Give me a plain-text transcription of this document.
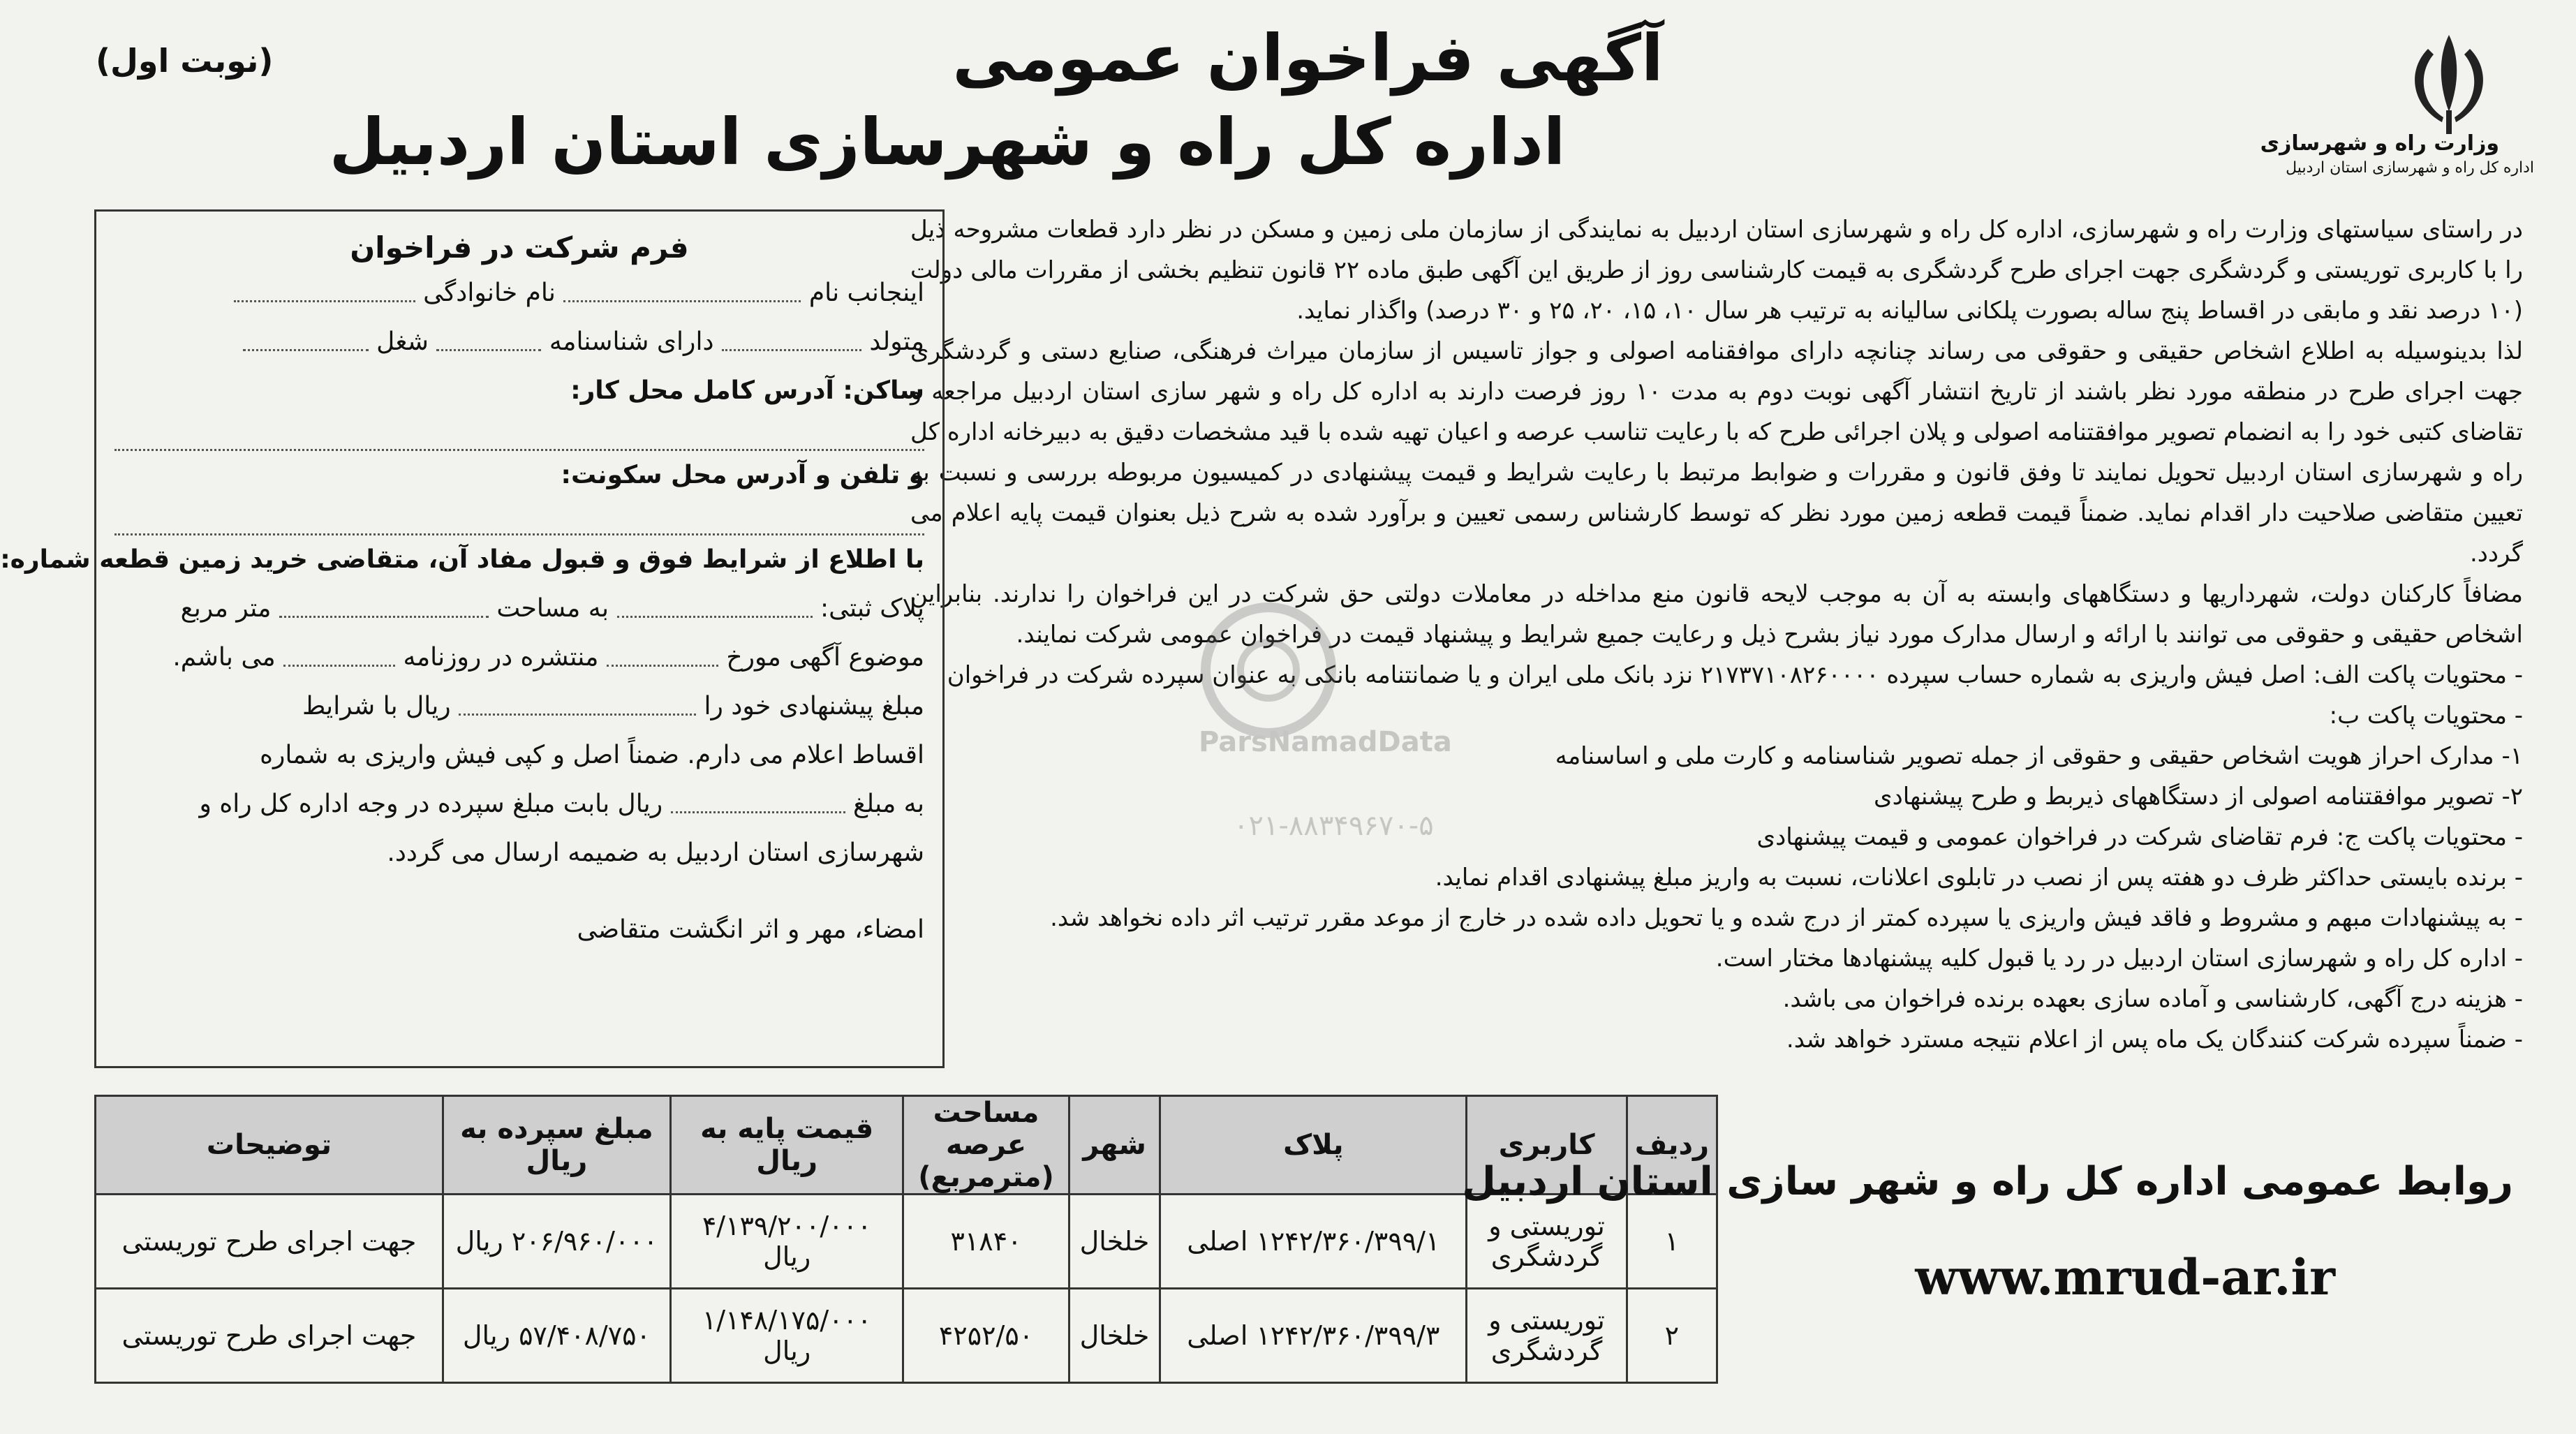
وزارت راه و شهرسازی
اداره کل راه و شهرسازی استان اردبیل
آگهی فراخوان عمومی
اداره کل راه و شهرسازی استان اردبیل
(نوبت اول)

در راستای سیاستهای وزارت راه و شهرسازی، اداره کل راه و شهرسازی استان اردبیل به نمایندگی از سازمان ملی زمین و مسکن در نظر دارد قطعات مشروحه ذیل را با کاربری توریستی و گردشگری جهت اجرای طرح گردشگری به قیمت کارشناسی روز از طریق این آگهی طبق ماده ۲۲ قانون تنظیم بخشی از مقررات مالی دولت (۱۰ درصد نقد و مابقی در اقساط پنج ساله بصورت پلکانی سالیانه به ترتیب هر سال ۱۰، ۱۵، ۲۰، ۲۵ و ۳۰ درصد) واگذار نماید.

لذا بدینوسیله به اطلاع اشخاص حقیقی و حقوقی می رساند چنانچه دارای موافقنامه اصولی و جواز تاسیس از سازمان میراث فرهنگی، صنایع دستی و گردشگری جهت اجرای طرح در منطقه مورد نظر باشند از تاریخ انتشار آگهی نوبت دوم به مدت ۱۰ روز فرصت دارند به اداره کل راه و شهر سازی استان اردبیل مراجعه و تقاضای کتبی خود را به انضمام تصویر موافقتنامه اصولی و پلان اجرائی طرح که با رعایت تناسب عرصه و اعیان تهیه شده با قید مشخصات دقیق به دبیرخانه اداره کل راه و شهرسازی استان اردبیل تحویل نمایند تا وفق قانون و مقررات و ضوابط مرتبط با رعایت شرایط و قیمت پیشنهادی در کمیسیون مربوطه بررسی و نسبت به تعیین متقاضی صلاحیت دار اقدام نماید. ضمناً قیمت قطعه زمین مورد نظر که توسط کارشناس رسمی تعیین و برآورد شده به شرح ذیل بعنوان قیمت پایه اعلام می گردد.

مضافاً کارکنان دولت، شهرداریها و دستگاههای وابسته به آن به موجب لایحه قانون منع مداخله در معاملات دولتی حق شرکت در این فراخوان را ندارند. بنابراین اشخاص حقیقی و حقوقی می توانند با ارائه و ارسال مدارک مورد نیاز بشرح ذیل و رعایت جمیع شرایط و پیشنهاد قیمت در فراخوان عمومی شرکت نمایند.

- محتویات پاکت الف: اصل فیش واریزی به شماره حساب سپرده ۲۱۷۳۷۱۰۸۲۶۰۰۰۰ نزد بانک ملی ایران و یا ضمانتنامه بانکی به عنوان سپرده شرکت در فراخوان

- محتویات پاکت ب:

۱- مدارک احراز هویت اشخاص حقیقی و حقوقی از جمله تصویر شناسنامه و کارت ملی و اساسنامه

۲- تصویر موافقتنامه اصولی از دستگاههای ذیربط و طرح پیشنهادی

- محتویات پاکت ج: فرم تقاضای شرکت در فراخوان عمومی و قیمت پیشنهادی

- برنده بایستی حداکثر ظرف دو هفته پس از نصب در تابلوی اعلانات، نسبت به واریز مبلغ پیشنهادی اقدام نماید.

- به پیشنهادات مبهم و مشروط و فاقد فیش واریزی یا سپرده کمتر از درج شده و یا تحویل داده شده در خارج از موعد مقرر ترتیب اثر داده نخواهد شد.

- اداره کل راه و شهرسازی استان اردبیل در رد یا قبول کلیه پیشنهادها مختار است.

- هزینه درج آگهی، کارشناسی و آماده سازی بعهده برنده فراخوان می باشد.

- ضمناً سپرده شرکت کنندگان یک ماه پس از اعلام نتیجه مسترد خواهد شد.

ParsNamadData
۰۲۱-۸۸۳۴۹۶۷۰-۵
فرم شرکت در فراخوان
اینجانب نام  نام خانوادگی
متولد  دارای شناسنامه  شغل
ساکن: آدرس کامل محل کار:
و تلفن و آدرس محل سکونت:
با اطلاع از شرایط فوق و قبول مفاد آن، متقاضی خرید زمین قطعه شماره:
پلاک ثبتی:  به مساحت  متر مربع
موضوع آگهی مورخ  منتشره در روزنامه  می باشم.
مبلغ پیشنهادی خود را  ریال با شرایط
اقساط اعلام می دارم. ضمناً اصل و کپی فیش واریزی به شماره
به مبلغ  ریال بابت مبلغ سپرده در وجه اداره کل راه و
شهرسازی استان اردبیل به ضمیمه ارسال می گردد.
امضاء، مهر و اثر انگشت متقاضی
ردیف	کاربری	پلاک	شهر	مساحت عرصه (مترمربع)	قیمت پایه به ریال	مبلغ سپرده به ریال	توضیحات
۱	توریستی و گردشگری	۱۲۴۲/۳۶۰/۳۹۹/۱ اصلی	خلخال	۳۱۸۴۰	۴/۱۳۹/۲۰۰/۰۰۰ ریال	۲۰۶/۹۶۰/۰۰۰ ریال	جهت اجرای طرح توریستی
۲	توریستی و گردشگری	۱۲۴۲/۳۶۰/۳۹۹/۳ اصلی	خلخال	۴۲۵۲/۵۰	۱/۱۴۸/۱۷۵/۰۰۰ ریال	۵۷/۴۰۸/۷۵۰ ریال	جهت اجرای طرح توریستی
روابط عمومی اداره کل راه و شهر سازی استان اردبیل
www.mrud-ar.ir
